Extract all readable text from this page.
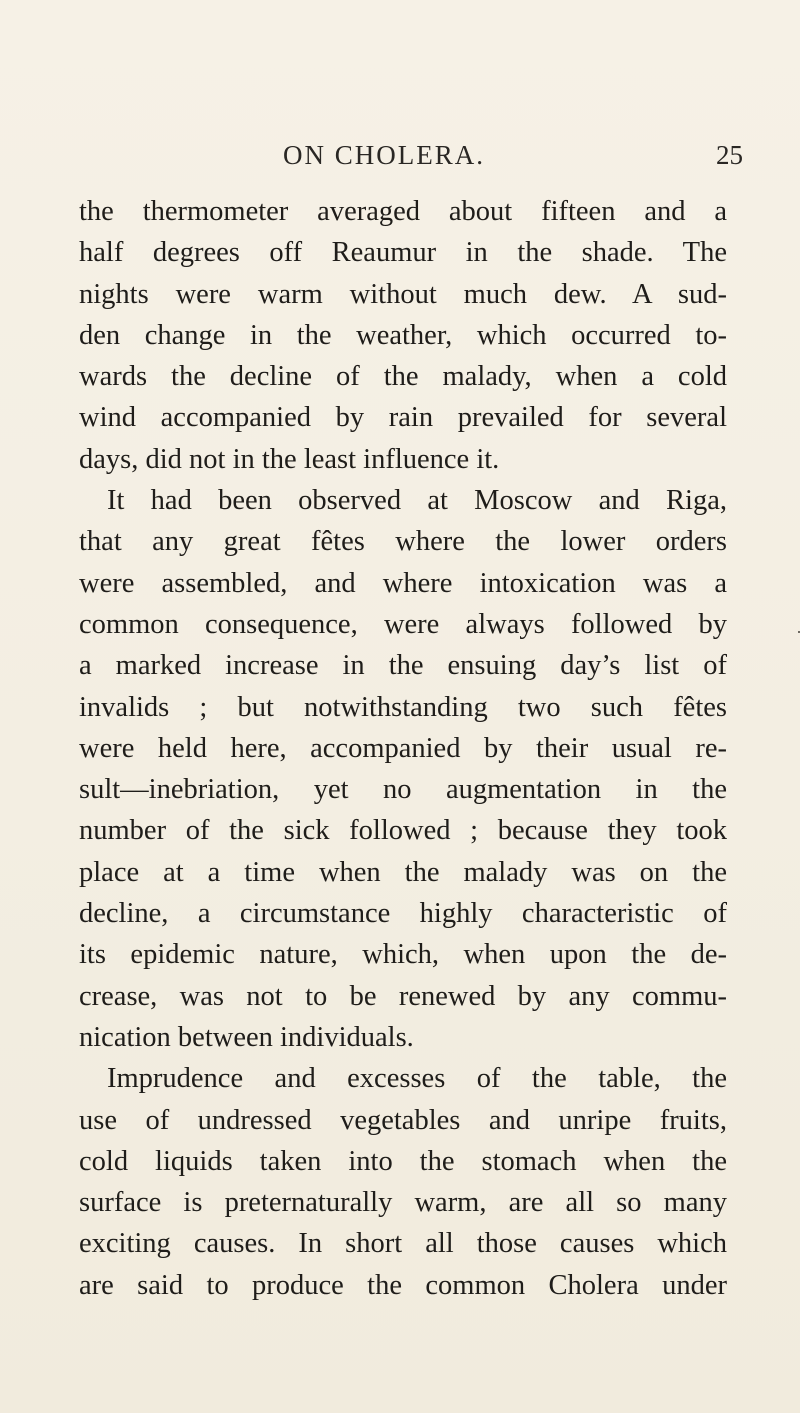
ON CHOLERA.	25
the thermometer averaged about fifteen and a
half degrees off Reaumur in the shade. The
nights were warm without much dew. A sud-
den change in the weather, which occurred to-
wards the decline of the malady, when a cold
wind accompanied by rain prevailed for several
days, did not in the least influence it.
It had been observed at Moscow and Riga,
that any great fêtes where the lower orders
were assembled, and where intoxication was a
common consequence, were always followed by
a marked increase in the ensuing day’s list of
invalids ; but notwithstanding two such fêtes
were held here, accompanied by their usual re-
sult—inebriation, yet no augmentation in the
number of the sick followed ; because they took
place at a time when the malady was on the
decline, a circumstance highly characteristic of
its epidemic nature, which, when upon the de-
crease, was not to be renewed by any commu-
nication between individuals.
Imprudence and excesses of the table, the
use of undressed vegetables and unripe fruits,
cold liquids taken into the stomach when the
surface is preternaturally warm, are all so many
exciting causes. In short all those causes which
are said to produce the common Cholera under
